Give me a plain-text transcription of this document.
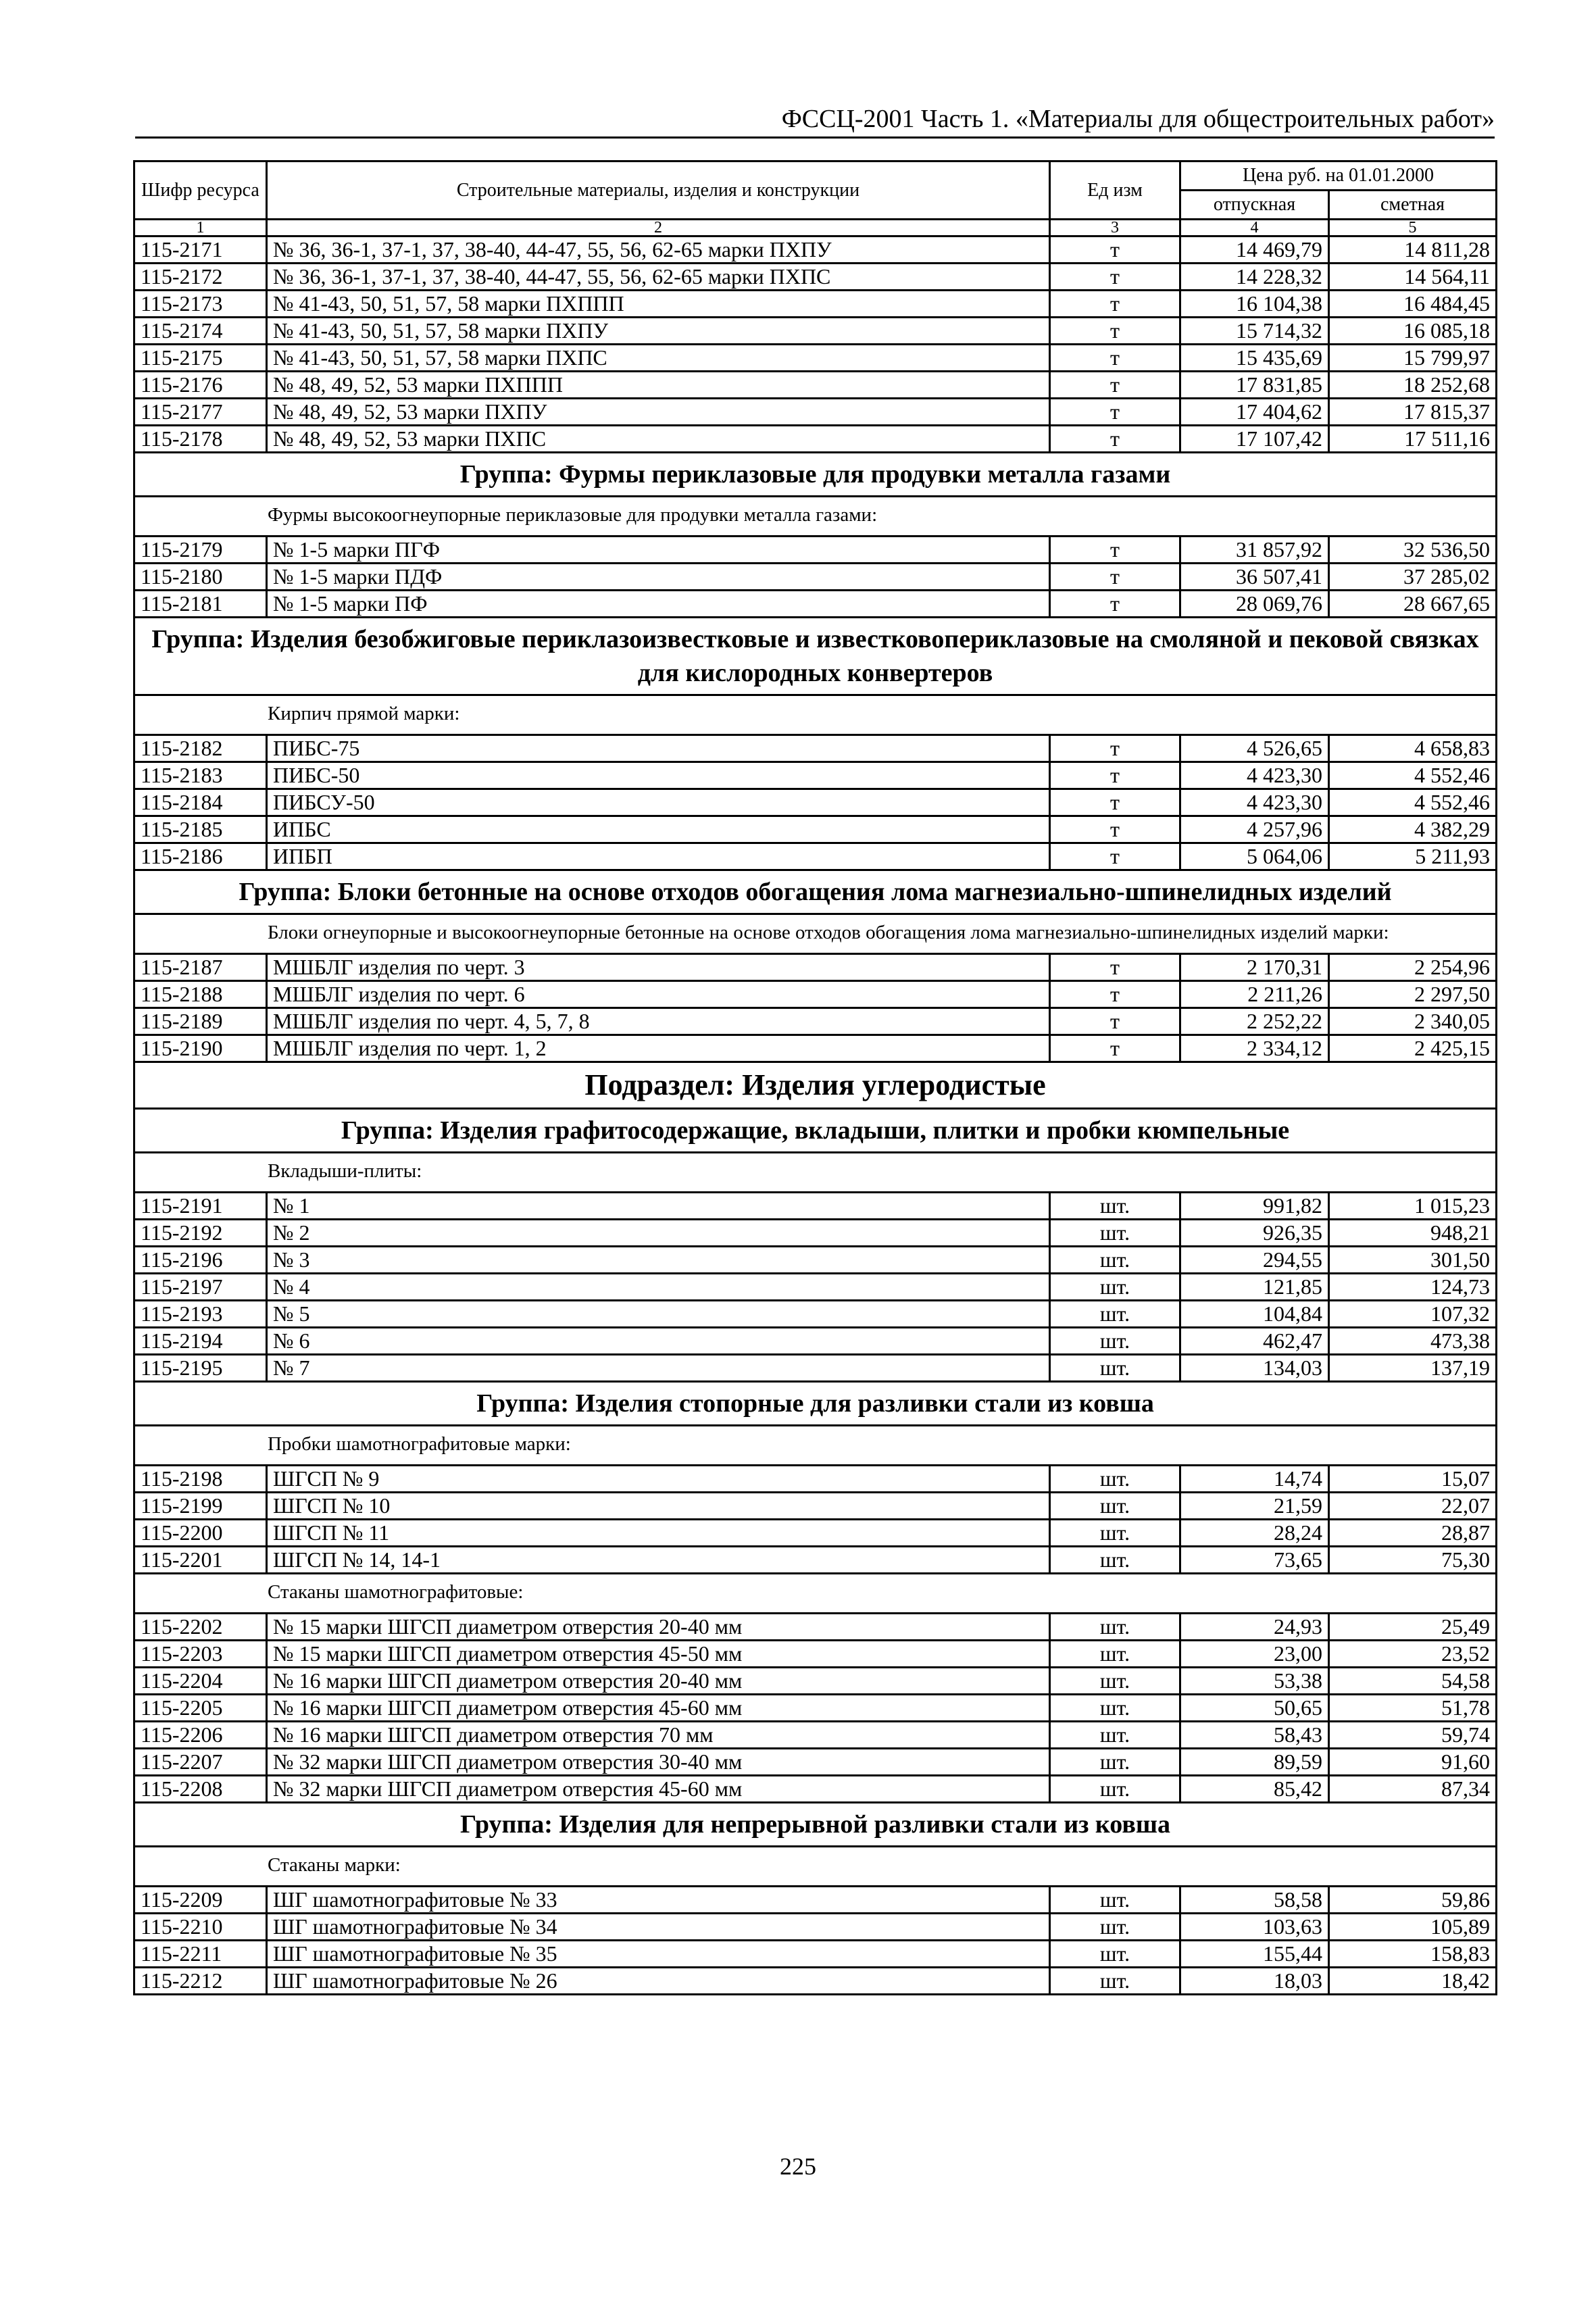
ФССЦ-2001 Часть 1. «Материалы для общестроительных работ»
Шифр ресурса	Строительные материалы, изделия и конструкции	Ед изм	Цена руб. на 01.01.2000	
			отпускная	сметная
1	2	3	4	5
115-2171	№ 36, 36-1, 37-1, 37, 38-40, 44-47, 55, 56, 62-65 марки ПХПУ	т	14 469,79	14 811,28
115-2172	№ 36, 36-1, 37-1, 37, 38-40, 44-47, 55, 56, 62-65 марки ПХПС	т	14 228,32	14 564,11
115-2173	№ 41-43, 50, 51, 57, 58 марки ПХППП	т	16 104,38	16 484,45
115-2174	№ 41-43, 50, 51, 57, 58 марки ПХПУ	т	15 714,32	16 085,18
115-2175	№ 41-43, 50, 51, 57, 58 марки ПХПС	т	15 435,69	15 799,97
115-2176	№ 48, 49, 52, 53 марки ПХППП	т	17 831,85	18 252,68
115-2177	№ 48, 49, 52, 53 марки ПХПУ	т	17 404,62	17 815,37
115-2178	№ 48, 49, 52, 53 марки ПХПС	т	17 107,42	17 511,16
Группа: Фурмы периклазовые для продувки металла газами				
Фурмы высокоогнеупорные периклазовые для продувки металла газами:				
115-2179	№ 1-5 марки ПГФ	т	31 857,92	32 536,50
115-2180	№ 1-5 марки ПДФ	т	36 507,41	37 285,02
115-2181	№ 1-5 марки ПФ	т	28 069,76	28 667,65
Группа: Изделия безобжиговые периклазоизвестковые и известковопериклазовые на смоляной и пековой связках для кислородных конвертеров				
Кирпич прямой марки:				
115-2182	ПИБС-75	т	4 526,65	4 658,83
115-2183	ПИБС-50	т	4 423,30	4 552,46
115-2184	ПИБСУ-50	т	4 423,30	4 552,46
115-2185	ИПБС	т	4 257,96	4 382,29
115-2186	ИПБП	т	5 064,06	5 211,93
Группа: Блоки бетонные на основе отходов обогащения лома магнезиально-шпинелидных изделий				
Блоки огнеупорные и высокоогнеупорные бетонные на основе отходов обогащения лома магнезиально-шпинелидных изделий марки:				
115-2187	МШБЛГ изделия по черт. 3	т	2 170,31	2 254,96
115-2188	МШБЛГ изделия по черт. 6	т	2 211,26	2 297,50
115-2189	МШБЛГ изделия по черт. 4, 5, 7, 8	т	2 252,22	2 340,05
115-2190	МШБЛГ изделия по черт. 1, 2	т	2 334,12	2 425,15
Подраздел: Изделия углеродистые				
Группа: Изделия графитосодержащие, вкладыши, плитки и пробки кюмпельные				
Вкладыши-плиты:				
115-2191	№ 1	шт.	991,82	1 015,23
115-2192	№ 2	шт.	926,35	948,21
115-2196	№ 3	шт.	294,55	301,50
115-2197	№ 4	шт.	121,85	124,73
115-2193	№ 5	шт.	104,84	107,32
115-2194	№ 6	шт.	462,47	473,38
115-2195	№ 7	шт.	134,03	137,19
Группа: Изделия стопорные для разливки стали из ковша				
Пробки шамотнографитовые марки:				
115-2198	ШГСП № 9	шт.	14,74	15,07
115-2199	ШГСП № 10	шт.	21,59	22,07
115-2200	ШГСП № 11	шт.	28,24	28,87
115-2201	ШГСП № 14, 14-1	шт.	73,65	75,30
Стаканы шамотнографитовые:				
115-2202	№ 15 марки ШГСП диаметром отверстия 20-40 мм	шт.	24,93	25,49
115-2203	№ 15 марки ШГСП диаметром отверстия 45-50 мм	шт.	23,00	23,52
115-2204	№ 16 марки ШГСП диаметром отверстия 20-40 мм	шт.	53,38	54,58
115-2205	№ 16 марки ШГСП диаметром отверстия 45-60 мм	шт.	50,65	51,78
115-2206	№ 16 марки ШГСП диаметром отверстия 70 мм	шт.	58,43	59,74
115-2207	№ 32 марки ШГСП диаметром отверстия 30-40 мм	шт.	89,59	91,60
115-2208	№ 32 марки ШГСП диаметром отверстия 45-60 мм	шт.	85,42	87,34
Группа: Изделия для непрерывной разливки стали из ковша				
Стаканы марки:				
115-2209	ШГ шамотнографитовые № 33	шт.	58,58	59,86
115-2210	ШГ шамотнографитовые № 34	шт.	103,63	105,89
115-2211	ШГ шамотнографитовые № 35	шт.	155,44	158,83
115-2212	ШГ шамотнографитовые № 26	шт.	18,03	18,42
225
